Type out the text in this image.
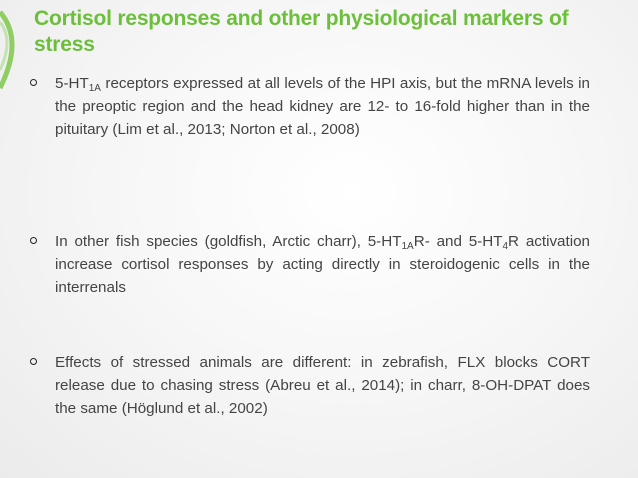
Cortisol responses and other physiological markers of stress
$5-HT_{1A}$ receptors expressed at all levels of the HPI axis, but the mRNA levels in the preoptic region and the head kidney are 12- to 16-fold higher than in the pituitary (Lim et al., 2013; Norton et al., 2008)
In other fish species (goldfish, Arctic charr), $5-HT_{1A}R-$ and $5-HT_4R$ activation increase cortisol responses by acting directly in steroidogenic cells in the interrenals
Effects of stressed animals are different: in zebrafish, FLX blocks CORT release due to chasing stress (Abreu et al., 2014); in charr, 8-OH-DPAT does the same (Höglund et al., 2002)
